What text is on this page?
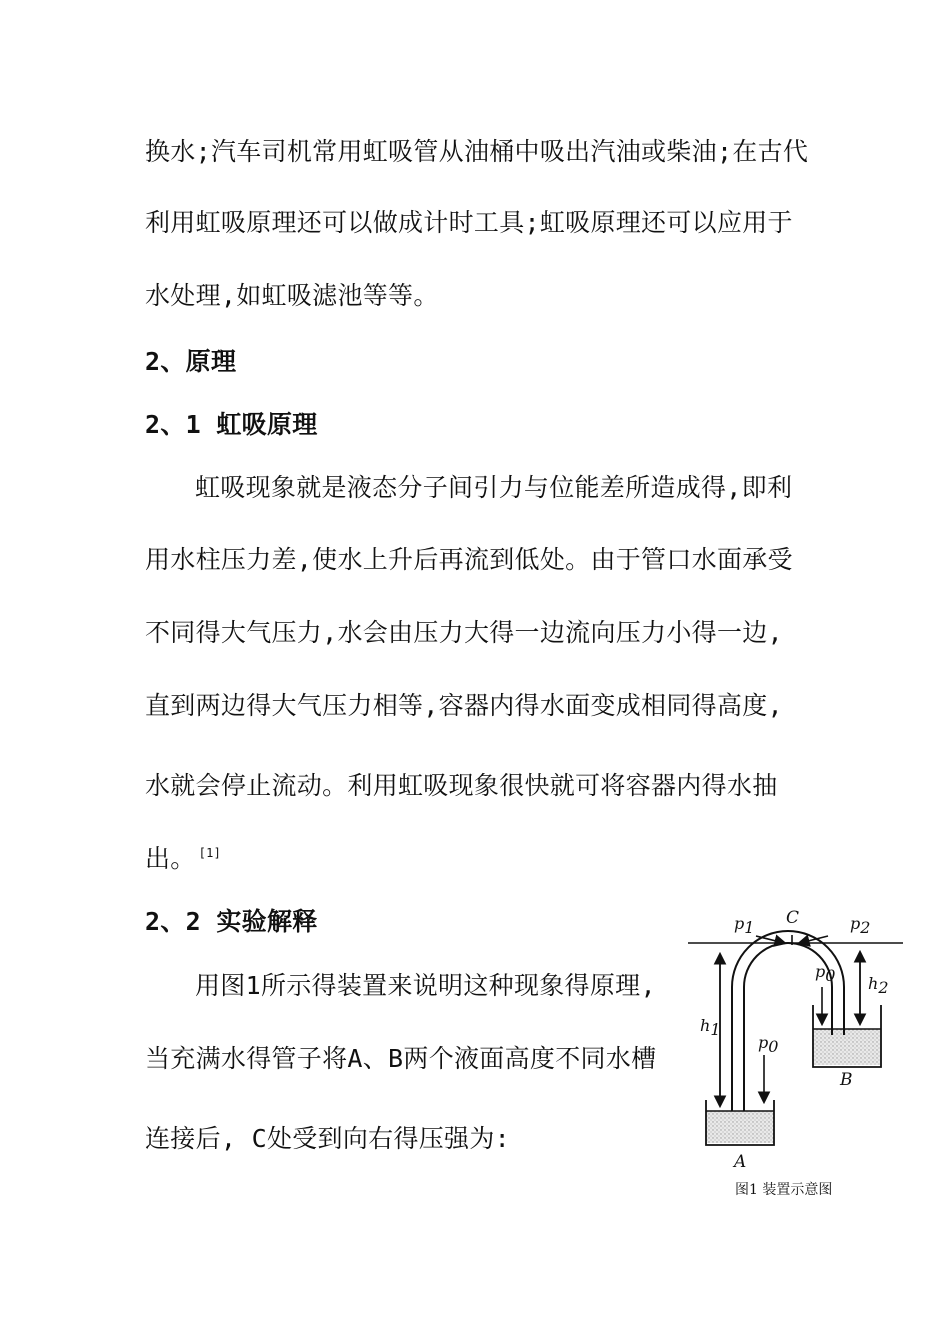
换水;汽车司机常用虹吸管从油桶中吸出汽油或柴油;在古代
利用虹吸原理还可以做成计时工具;虹吸原理还可以应用于
水处理,如虹吸滤池等等。
2、原理
2、1 虹吸原理
虹吸现象就是液态分子间引力与位能差所造成得,即利
用水柱压力差,使水上升后再流到低处。由于管口水面承受
不同得大气压力,水会由压力大得一边流向压力小得一边,
直到两边得大气压力相等,容器内得水面变成相同得高度,
水就会停止流动。利用虹吸现象很快就可将容器内得水抽
出。 [1]
2、2 实验解释
用图1所示得装置来说明这种现象得原理,
当充满水得管子将A、B两个液面高度不同水槽
连接后, C处受到向右得压强为:
C
p1	p2
p0
p0
h1
h2
A
B
图1 装置示意图
